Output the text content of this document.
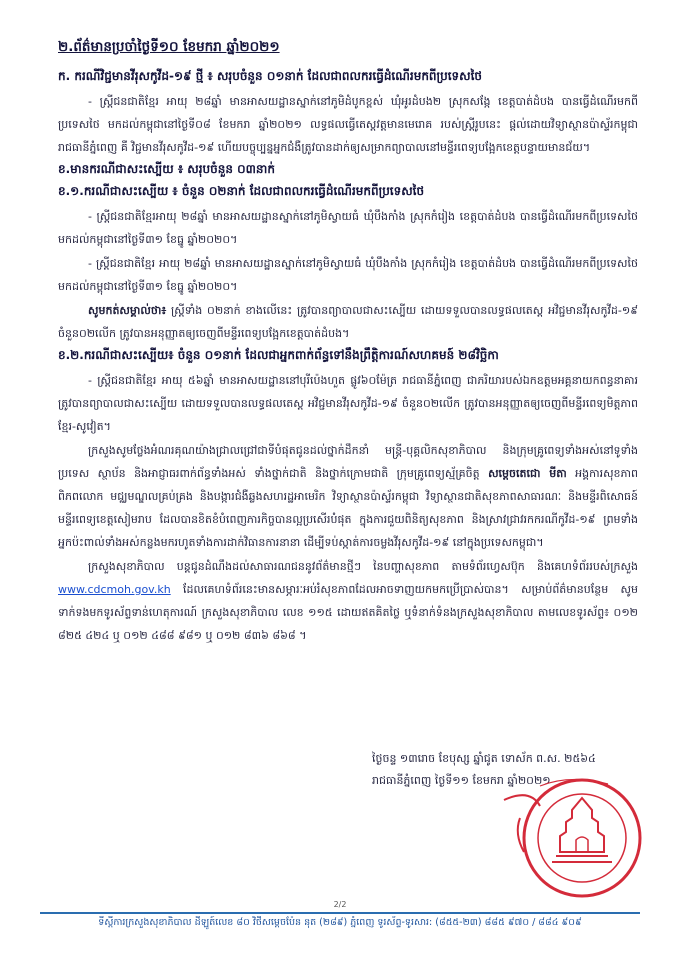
២.ព័ត៌មានប្រចាំថ្ងៃទី១០ ខែមករា ឆ្នាំ២០២១
ក. ករណីវិជ្ជមានវីរុសកូវីដ-១៩ ថ្មី ៖ សរុបចំនួន ០១នាក់ ដែលជាពលករធ្វើដំណើរមកពីប្រទេសថៃ

- ស្ត្រីជនជាតិខ្មែរ អាយុ ២៨ឆ្នាំ មានអាសយដ្ឋានស្នាក់នៅភូមិដំបូកខ្ពស់ ឃុំអូរដំបង២ ស្រុកសង្កែ ខេត្តបាត់ដំបង បានធ្វើដំណើរមកពីប្រទេសថៃ មកដល់កម្ពុជានៅថ្ងៃទី០៨ ខែមករា ឆ្នាំ២០២១ លទ្ធផលធ្វើតេស្តវត្តមានមេរោគ របស់ស្ត្រីរូបនេះ ផ្តល់ដោយវិទ្យាស្ថានប៉ាស្ទ័រកម្ពុជា រាជធានីភ្នំពេញ គឺ វិជ្ជមានវីរុសកូវីដ-១៩ ហើយបច្ចុប្បន្នអ្នកជំងឺត្រូវបានដាក់ឲ្យសម្រាកព្យាបាលនៅមន្ទីរពេទ្យបង្អែកខេត្តបន្ទាយមានជ័យ។

ខ.មានករណីជាសះស្បើយ ៖ សរុបចំនួន ០៣នាក់
ខ.១.ករណីជាសះស្បើយ ៖ ចំនួន ០២នាក់ ដែលជាពលករធ្វើដំណើរមកពីប្រទេសថៃ

- ស្ត្រីជនជាតិខ្មែរអាយុ ២៨ឆ្នាំ មានអាសយដ្ឋានស្នាក់នៅភូមិស្វាយធំ ឃុំបឹងកាំង ស្រុកកំរៀង ខេត្តបាត់ដំបង បានធ្វើដំណើរមកពីប្រទេសថៃ មកដល់កម្ពុជានៅថ្ងៃទី៣១ ខែធ្នូ ឆ្នាំ២០២០។

- ស្ត្រីជនជាតិខ្មែរ អាយុ ២៨ឆ្នាំ មានអាសយដ្ឋានស្នាក់នៅភូមិស្វាយធំ ឃុំបឹងកាំង ស្រុកកំរៀង ខេត្តបាត់ដំបង បានធ្វើដំណើរមកពីប្រទេសថៃ មកដល់កម្ពុជានៅថ្ងៃទី៣១ ខែធ្នូ ឆ្នាំ២០២០។

សូមកត់សម្គាល់ថា៖ ស្ត្រីទាំង ០២នាក់ ខាងលើនេះ ត្រូវបានព្យាបាលជាសះស្បើយ ដោយទទួលបានលទ្ធផលតេស្ត អវិជ្ជមានវីរុសកូវីដ-១៩ ចំនួន០២លើក ត្រូវបានអនុញ្ញាតឲ្យចេញពីមន្ទីរពេទ្យបង្អែកខេត្តបាត់ដំបង។

ខ.២.ករណីជាសះស្បើយ៖ ចំនួន ០១នាក់ ដែលជាអ្នកពាក់ព័ន្ធទៅនឹងព្រឹត្តិការណ៍សហគមន៍ ២៨វិច្ឆិកា

- ស្ត្រីជនជាតិខ្មែរ អាយុ ៥៦ឆ្នាំ មានអាសយដ្ឋាននៅបុរីប៉េងហួត ផ្លូវ៦០ម៉ែត្រ រាជធានីភ្នំពេញ ជាភរិយារបស់ឯកឧត្តមអគ្គនាយកពន្ធនាគារ ត្រូវបានព្យាបាលជាសះស្បើយ ដោយទទួលបានលទ្ធផលតេស្ត អវិជ្ជមានវីរុសកូវីដ-១៩ ចំនួន០២លើក ត្រូវបានអនុញ្ញាតឲ្យចេញពីមន្ទីរពេទ្យមិត្តភាពខ្មែរ-សូវៀត។

ក្រសួងសូមថ្លែងអំណរគុណយ៉ាងជ្រាលជ្រៅជាទីបំផុតជូនដល់ថ្នាក់ដឹកនាំ មន្ត្រី-បុគ្គលិកសុខាភិបាល និងក្រុមគ្រូពេទ្យទាំងអស់នៅទូទាំងប្រទេស ស្ថាប័ន និងអាជ្ញាធរពាក់ព័ន្ធទាំងអស់ ទាំងថ្នាក់ជាតិ និងថ្នាក់ក្រោមជាតិ ក្រុមគ្រូពេទ្យស្ម័គ្រចិត្ត សម្តេចតេជោ មីតា អង្គការសុខភាពពិភពលោក មជ្ឈមណ្ឌលគ្រប់គ្រង និងបង្ការជំងឺឆ្លងសហរដ្ឋអាមេរិក វិទ្យាស្ថានប៉ាស្ទ័រកម្ពុជា វិទ្យាស្ថានជាតិសុខភាពសាធារណៈ និងមន្ទីរពិសោធន៍មន្ទីរពេទ្យខេត្តសៀមរាប ដែលបានខិតខំបំពេញភារកិច្ចបានល្អប្រសើរបំផុត ក្នុងការជួយពិនិត្យសុខភាព និងស្រាវជ្រាវរកករណីកូវីដ-១៩ ព្រមទាំងអ្នកប៉ះពាល់ទាំងអស់កន្លងមករហូតទាំងការដាក់វិធានការនានា ដើម្បីទប់ស្កាត់ការចម្លងវីរុសកូវីដ-១៩ នៅក្នុងប្រទេសកម្ពុជា។

ក្រសួងសុខាភិបាល បន្តជូនដំណឹងដល់សាធារណជននូវព័ត៌មានថ្មីៗ នៃបញ្ហាសុខភាព តាមទំព័រហ្វេសប៊ុក និងគេហទំព័ររបស់ក្រសួង www.cdcmoh.gov.kh ដែលគេហទំព័រនេះមានសម្ភារៈអប់រំសុខភាពដែលអាចទាញយកមកប្រើប្រាស់បាន។ សម្រាប់ព័ត៌មានបន្ថែម សូមទាក់ទងមកទូរស័ព្ទទាន់ហេតុការណ៍ ក្រសួងសុខាភិបាល លេខ ១១៥ ដោយឥតគិតថ្លៃ ឬទំនាក់ទំនងក្រសួងសុខាភិបាល តាមលេខទូរស័ព្ទ៖ ០១២ ៨២៥ ៤២៤ ឬ ០១២ ៤៨៨ ៩៨១ ឬ ០១២ ៨៣៦ ៨៦៨ ។

ថ្ងៃចន្ទ ១៣រោច ខែបុស្ស ឆ្នាំជូត ទោស័ក ព.ស. ២៥៦៤
រាជធានីភ្នំពេញ ថ្ងៃទី១១ ខែមករា ឆ្នាំ២០២១
2/2
ទីស្តីការក្រសួងសុខាភិបាល ដីឡូត៍លេខ ៨០ វិថីសម្តេចប៉ែន នុត (២៨៩) ភ្នំពេញ ទូរស័ព្ទ-ទូរសារ: (៨៥៥-២៣) ៨៨៥ ៩៧០ / ៨៨៤ ៩០៩
